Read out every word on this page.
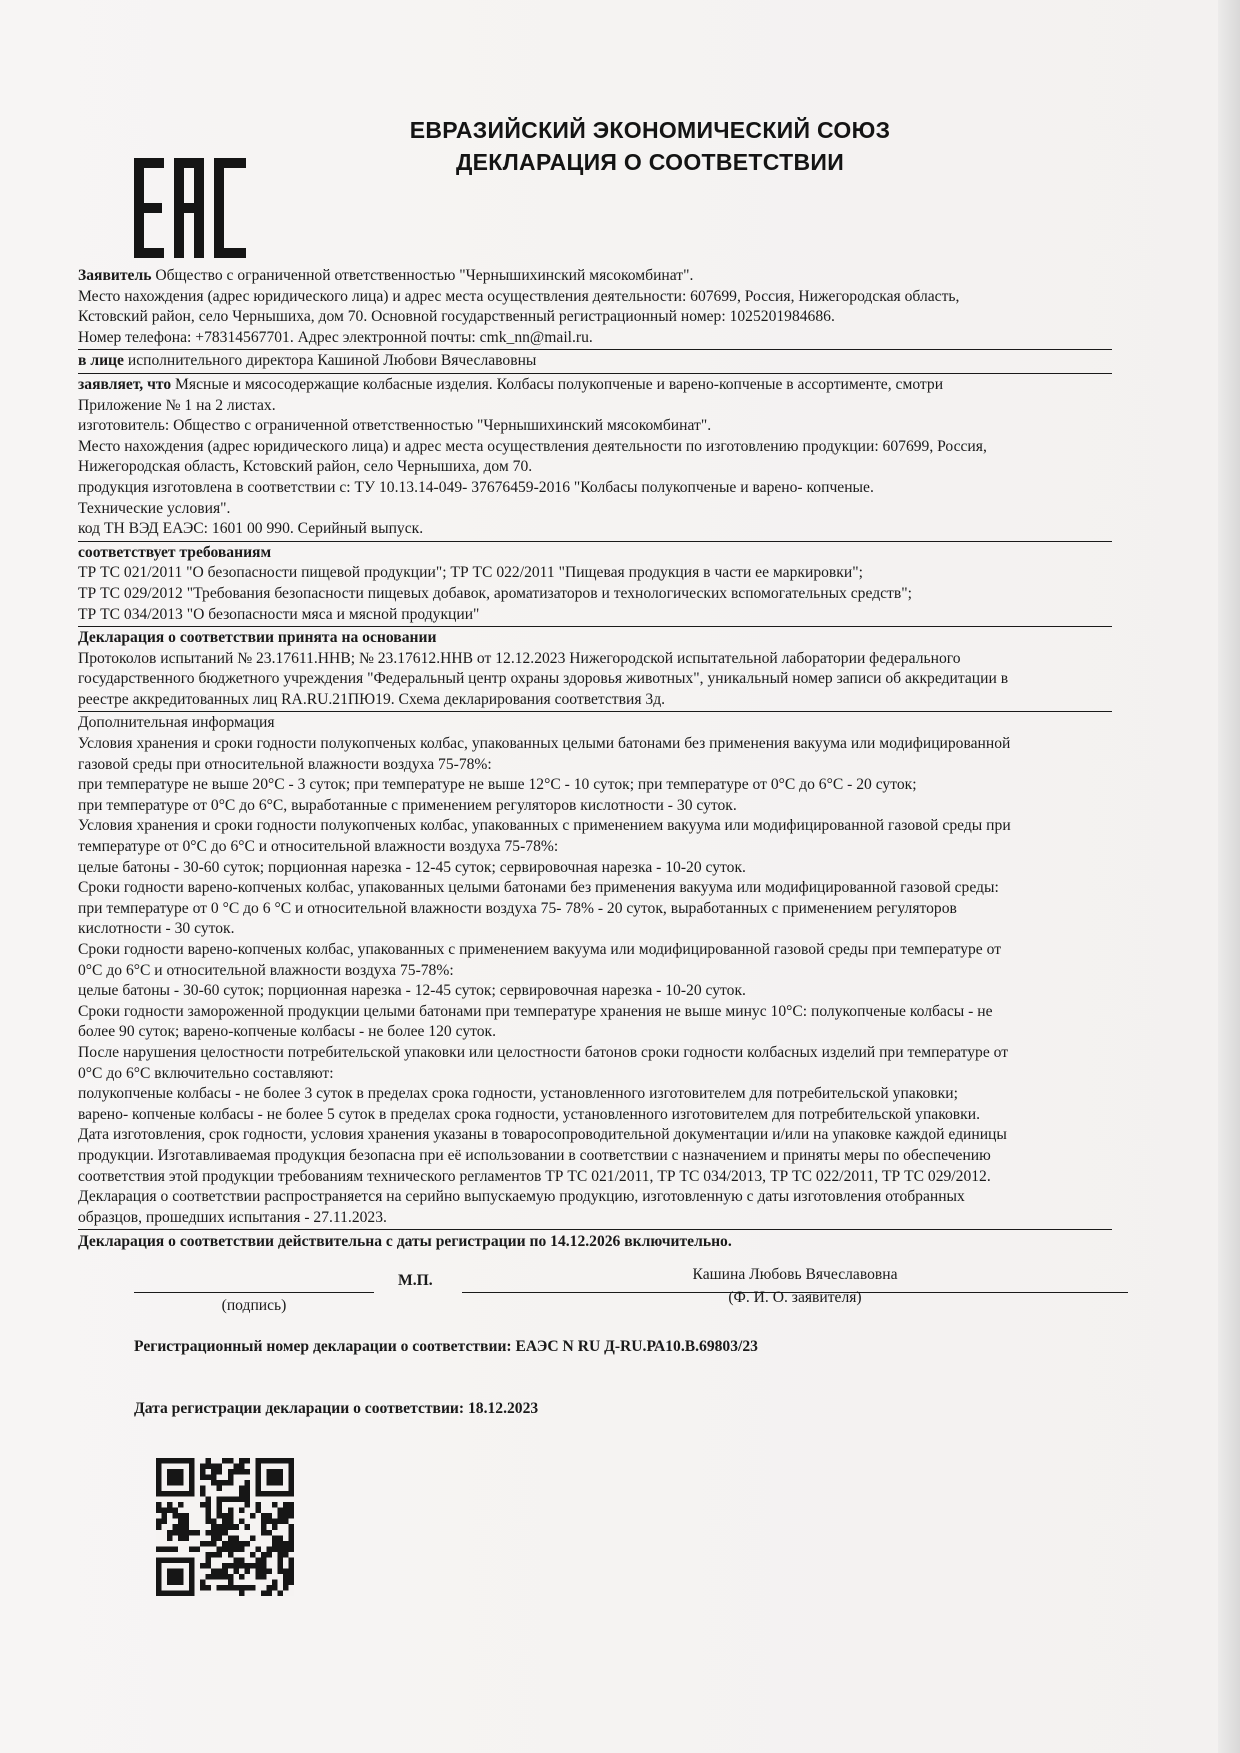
ЕВРАЗИЙСКИЙ ЭКОНОМИЧЕСКИЙ СОЮЗ
ДЕКЛАРАЦИЯ О СООТВЕТСТВИИ
Заявитель Общество с ограниченной ответственностью "Чернышихинский мясокомбинат".
Место нахождения (адрес юридического лица) и адрес места осуществления деятельности: 607699, Россия, Нижегородская область,
Кстовский район, село Чернышиха, дом 70. Основной государственный регистрационный номер: 1025201984686.
Номер телефона: +78314567701. Адрес электронной почты: cmk_nn@mail.ru.
в лице исполнительного директора Кашиной Любови Вячеславовны
заявляет, что Мясные и мясосодержащие колбасные изделия. Колбасы полукопченые и варено-копченые в ассортименте, смотри
Приложение № 1 на 2 листах.
изготовитель: Общество с ограниченной ответственностью "Чернышихинский мясокомбинат".
Место нахождения (адрес юридического лица) и адрес места осуществления деятельности по изготовлению продукции: 607699, Россия,
Нижегородская область, Кстовский район, село Чернышиха, дом 70.
продукция изготовлена в соответствии с: ТУ 10.13.14-049- 37676459-2016 "Колбасы полукопченые и варено- копченые.
Технические условия".
код ТН ВЭД ЕАЭС: 1601 00 990. Серийный выпуск.
соответствует требованиям
ТР ТС 021/2011 "О безопасности пищевой продукции"; ТР ТС 022/2011 "Пищевая продукция в части ее маркировки";
ТР ТС 029/2012 "Требования безопасности пищевых добавок, ароматизаторов и технологических вспомогательных средств";
ТР ТС 034/2013 "О безопасности мяса и мясной продукции"
Декларация о соответствии принята на основании
Протоколов испытаний № 23.17611.ННВ; № 23.17612.ННВ от 12.12.2023 Нижегородской испытательной лаборатории федерального
государственного бюджетного учреждения "Федеральный центр охраны здоровья животных", уникальный номер записи об аккредитации в
реестре аккредитованных лиц RA.RU.21ПЮ19. Схема декларирования соответствия 3д.
Дополнительная информация
Условия хранения и сроки годности полукопченых колбас, упакованных целыми батонами без применения вакуума или модифицированной
газовой среды при относительной влажности воздуха 75-78%:
при температуре не выше 20°С - 3 суток; при температуре не выше 12°С - 10 суток; при температуре от 0°С до 6°С - 20 суток;
при температуре от 0°С до 6°С, выработанные с применением регуляторов кислотности - 30 суток.
Условия хранения и сроки годности полукопченых колбас, упакованных с применением вакуума или модифицированной газовой среды при
температуре от 0°С до 6°С и относительной влажности воздуха 75-78%:
целые батоны - 30-60 суток; порционная нарезка - 12-45 суток; сервировочная нарезка - 10-20 суток.
Сроки годности варено-копченых колбас, упакованных целыми батонами без применения вакуума или модифицированной газовой среды:
при температуре от 0 °С до 6 °С и относительной влажности воздуха 75- 78% - 20 суток, выработанных с применением регуляторов
кислотности - 30 суток.
Сроки годности варено-копченых колбас, упакованных с применением вакуума или модифицированной газовой среды при температуре от
0°С до 6°С и относительной влажности воздуха 75-78%:
целые батоны - 30-60 суток; порционная нарезка - 12-45 суток; сервировочная нарезка - 10-20 суток.
Сроки годности замороженной продукции целыми батонами при температуре хранения не выше минус 10°С: полукопченые колбасы - не
более 90 суток; варено-копченые колбасы - не более 120 суток.
После нарушения целостности потребительской упаковки или целостности батонов сроки годности колбасных изделий при температуре от
0°С до 6°С включительно составляют:
полукопченые колбасы - не более 3 суток в пределах срока годности, установленного изготовителем для потребительской упаковки;
варено- копченые колбасы - не более 5 суток в пределах срока годности, установленного изготовителем для потребительской упаковки.
Дата изготовления, срок годности, условия хранения указаны в товаросопроводительной документации и/или на упаковке каждой единицы
продукции. Изготавливаемая продукция безопасна при её использовании в соответствии с назначением и приняты меры по обеспечению
соответствия этой продукции требованиям технического регламентов ТР ТС 021/2011, ТР ТС 034/2013, ТР ТС 022/2011, ТР ТС 029/2012.
Декларация о соответствии распространяется на серийно выпускаемую продукцию, изготовленную с даты изготовления отобранных
образцов, прошедших испытания - 27.11.2023.
Декларация о соответствии действительна с даты регистрации по 14.12.2026 включительно.
М.П.	Кашина Любовь Вячеславовна
(подпись)	(Ф. И. О. заявителя)
Регистрационный номер декларации о соответствии: ЕАЭС N RU Д-RU.РА10.В.69803/23
Дата регистрации декларации о соответствии: 18.12.2023
